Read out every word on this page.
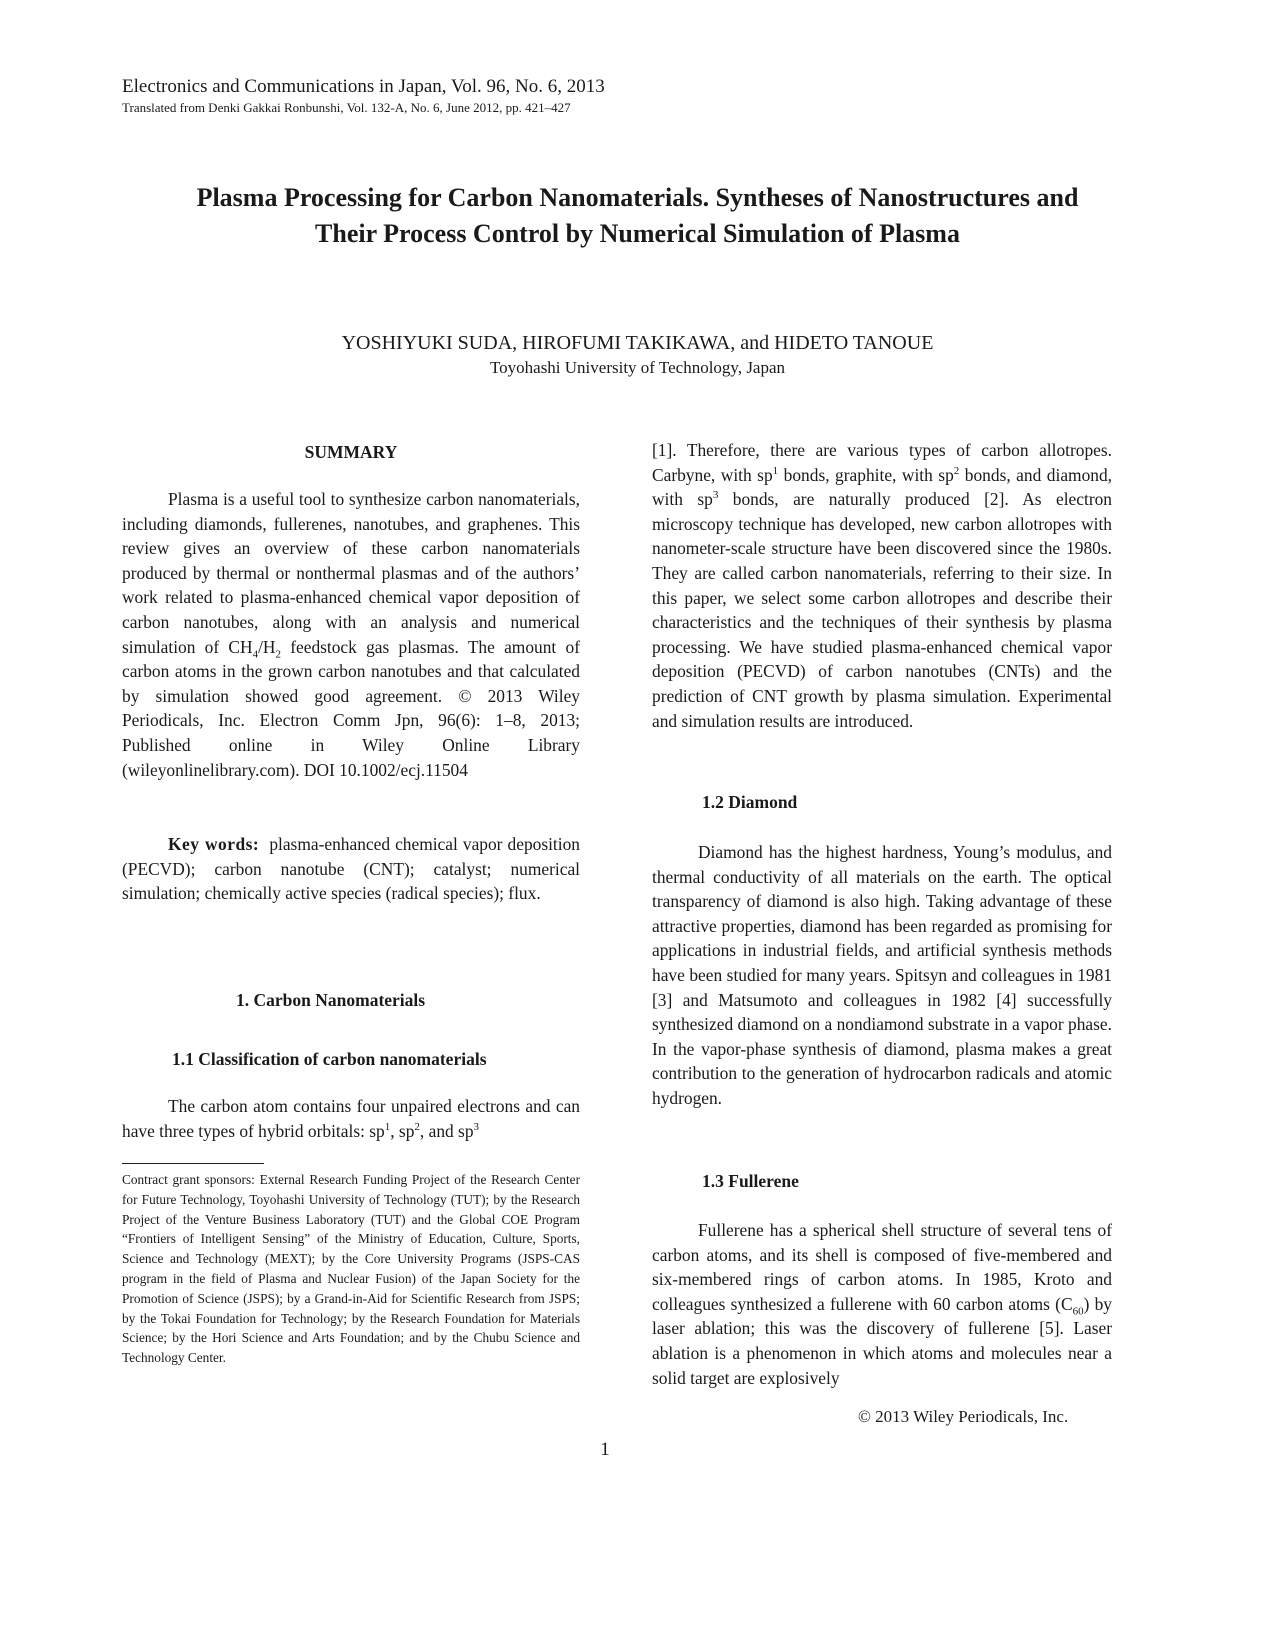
Electronics and Communications in Japan, Vol. 96, No. 6, 2013
Translated from Denki Gakkai Ronbunshi, Vol. 132-A, No. 6, June 2012, pp. 421–427
Plasma Processing for Carbon Nanomaterials. Syntheses of Nanostructures and
Their Process Control by Numerical Simulation of Plasma
YOSHIYUKI SUDA, HIROFUMI TAKIKAWA, and HIDETO TANOUE
Toyohashi University of Technology, Japan

SUMMARY

Plasma is a useful tool to synthesize carbon nanomaterials, including diamonds, fullerenes, nanotubes, and graphenes. This review gives an overview of these carbon nanomaterials produced by thermal or nonthermal plasmas and of the authors’ work related to plasma-enhanced chemical vapor deposition of carbon nanotubes, along with an analysis and numerical simulation of $CH_4/H_2$ feedstock gas plasmas. The amount of carbon atoms in the grown carbon nanotubes and that calculated by simulation showed good agreement. © 2013 Wiley Periodicals, Inc. Electron Comm Jpn, 96(6): 1–8, 2013; Published online in Wiley Online Library (wileyonlinelibrary.com). DOI 10.1002/ecj.11504

Key words: plasma-enhanced chemical vapor deposition (PECVD); carbon nanotube (CNT); catalyst; numerical simulation; chemically active species (radical species); flux.

1. Carbon Nanomaterials

1.1 Classification of carbon nanomaterials

The carbon atom contains four unpaired electrons and can have three types of hybrid orbitals: $sp^1$, $sp^2$, and $sp^3$

Contract grant sponsors: External Research Funding Project of the Research Center for Future Technology, Toyohashi University of Technology (TUT); by the Research Project of the Venture Business Laboratory (TUT) and the Global COE Program “Frontiers of Intelligent Sensing” of the Ministry of Education, Culture, Sports, Science and Technology (MEXT); by the Core University Programs (JSPS-CAS program in the field of Plasma and Nuclear Fusion) of the Japan Society for the Promotion of Science (JSPS); by a Grand-in-Aid for Scientific Research from JSPS; by the Tokai Foundation for Technology; by the Research Foundation for Materials Science; by the Hori Science and Arts Foundation; and by the Chubu Science and Technology Center.

[1]. Therefore, there are various types of carbon allotropes. Carbyne, with $sp^1$ bonds, graphite, with $sp^2$ bonds, and diamond, with $sp^3$ bonds, are naturally produced [2]. As electron microscopy technique has developed, new carbon allotropes with nanometer-scale structure have been discovered since the 1980s. They are called carbon nanomaterials, referring to their size. In this paper, we select some carbon allotropes and describe their characteristics and the techniques of their synthesis by plasma processing. We have studied plasma-enhanced chemical vapor deposition (PECVD) of carbon nanotubes (CNTs) and the prediction of CNT growth by plasma simulation. Experimental and simulation results are introduced.

1.2 Diamond

Diamond has the highest hardness, Young’s modulus, and thermal conductivity of all materials on the earth. The optical transparency of diamond is also high. Taking advantage of these attractive properties, diamond has been regarded as promising for applications in industrial fields, and artificial synthesis methods have been studied for many years. Spitsyn and colleagues in 1981 [3] and Matsumoto and colleagues in 1982 [4] successfully synthesized diamond on a nondiamond substrate in a vapor phase. In the vapor-phase synthesis of diamond, plasma makes a great contribution to the generation of hydrocarbon radicals and atomic hydrogen.

1.3 Fullerene

Fullerene has a spherical shell structure of several tens of carbon atoms, and its shell is composed of five-membered and six-membered rings of carbon atoms. In 1985, Kroto and colleagues synthesized a fullerene with 60 carbon atoms $(C_{60})$ by laser ablation; this was the discovery of fullerene [5]. Laser ablation is a phenomenon in which atoms and molecules near a solid target are explosively

© 2013 Wiley Periodicals, Inc.
1
